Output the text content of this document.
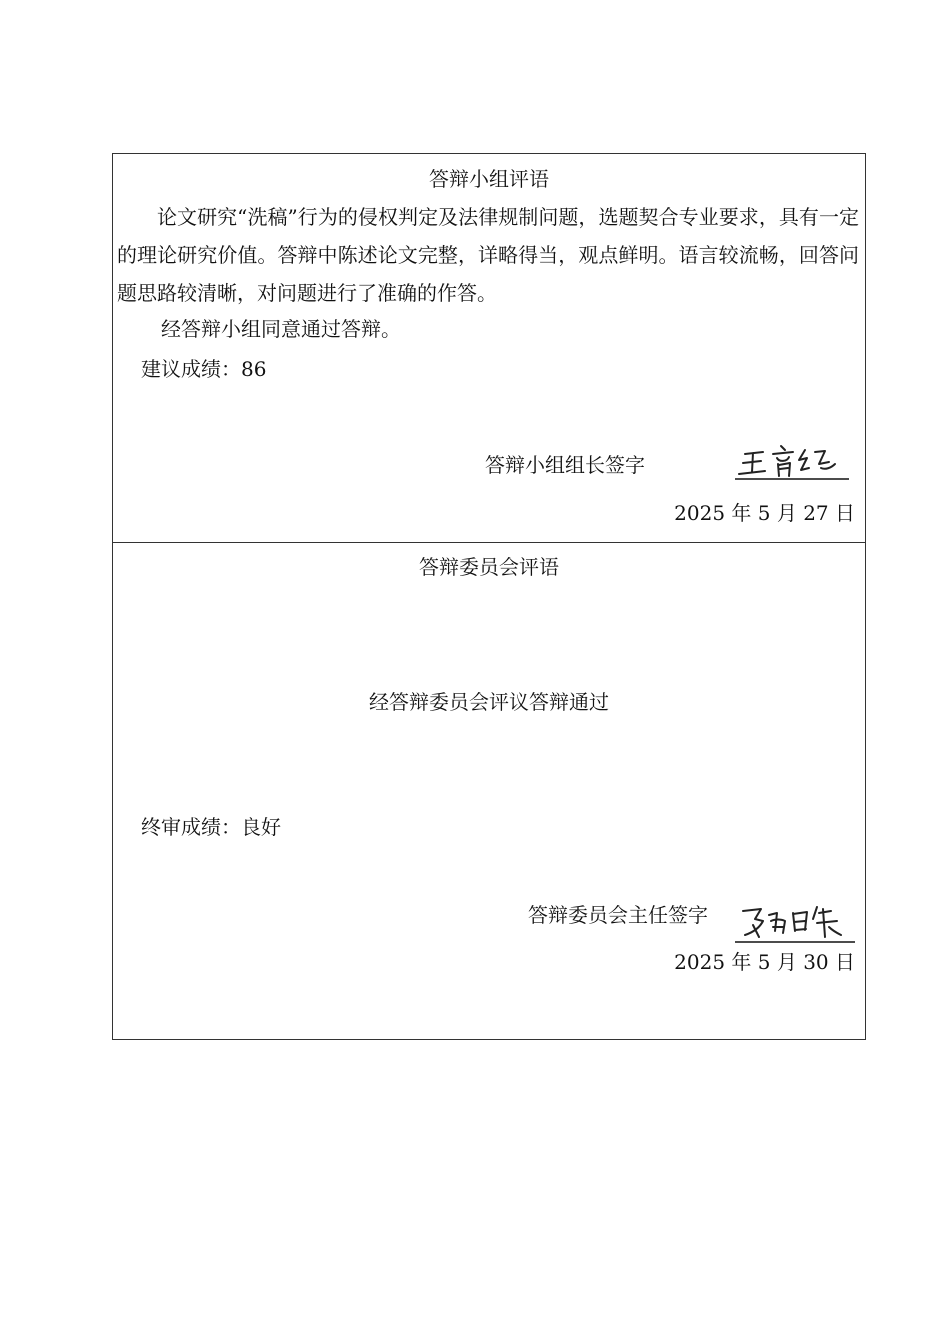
答辩小组评语
论文研究“洗稿”行为的侵权判定及法律规制问题，选题契合专业要求，具有一定的理论研究价值。答辩中陈述论文完整，详略得当，观点鲜明。语言较流畅，回答问题思路较清晰，对问题进行了准确的作答。
经答辩小组同意通过答辩。
建议成绩：86
答辩小组组长签字
2025 年 5 月 27 日
答辩委员会评语
经答辩委员会评议答辩通过
终审成绩：良好
答辩委员会主任签字
2025 年 5 月 30 日
